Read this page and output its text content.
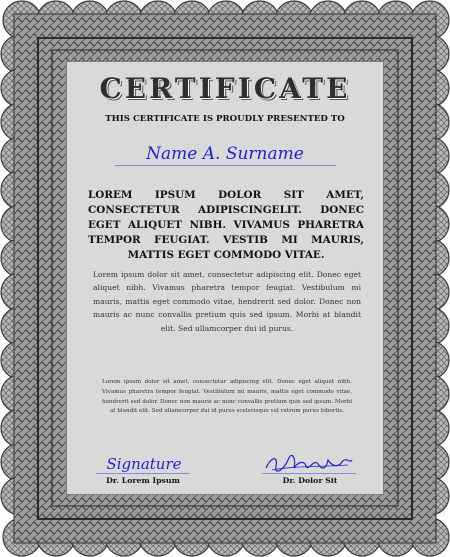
CERTIFICATE
THIS CERTIFICATE IS PROUDLY PRESENTED TO
Name A. Surname
LOREM IPSUM DOLOR SIT AMET, CONSECTETUR ADIPISCINGELIT. DONEC EGET ALIQUET NIBH. VIVAMUS PHARETRA TEMPOR FEUGIAT. VESTIB MI MAURIS, MATTIS EGET COMMODO VITAE.
Lorem ipsum dolor sit amet, consectetur adipiscing elit. Donec eget aliquet nibh. Vivamus pharetra tempor feugiat. Vestibulum mi mauris, mattis eget commodo vitae, hendrerit sed dolor. Donec non mauris ac nunc convallis pretium quis sed ipsum. Morbi at blandit elit. Sed ullamcorper dui id purus.
Lorem ipsum dolor sit amet, consectetur adipiscing elit. Donec eget aliquet nibh. Vivamus pharetra tempor feugiat. Vestibulum mi mauris, mattis eget commodo vitae, hendrerit sed dolor. Donec non mauris ac nunc convallis pretium quis sed ipsum. Morbi at blandit elit. Sed ullamcorper dui id purus scelerisque vel rutrum purus lobortis.
Signature
Dr. Lorem Ipsum	Dr. Dolor Sit
